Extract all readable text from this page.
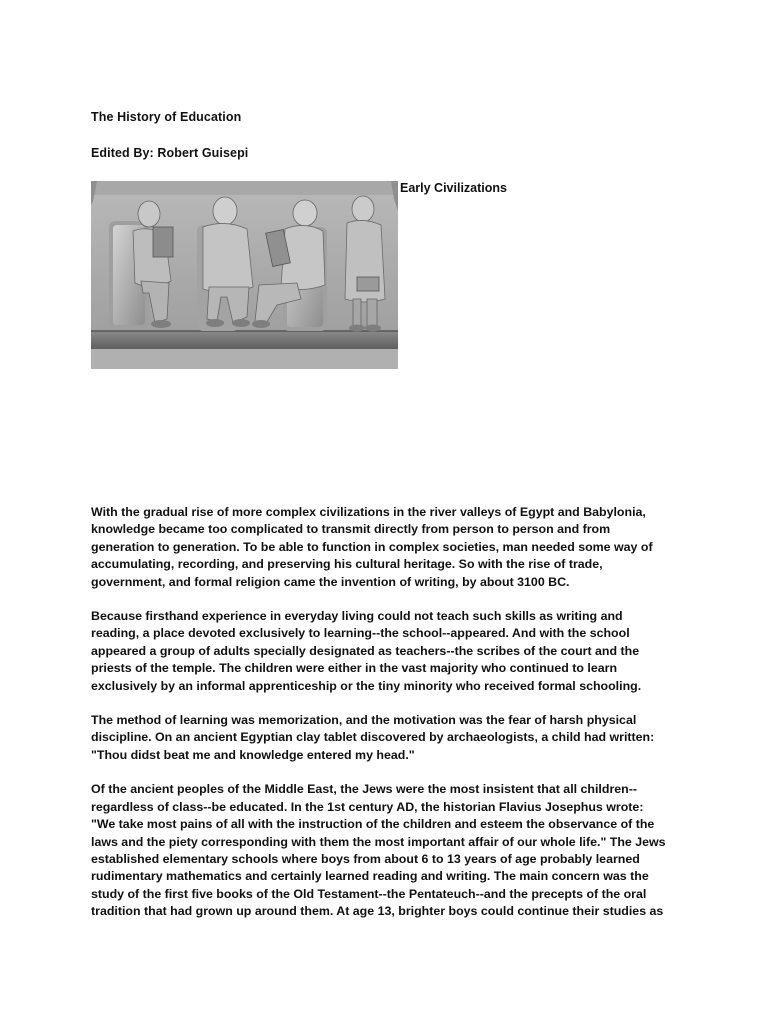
The History of Education
Edited By: Robert Guisepi
Early Civilizations

With the gradual rise of more complex civilizations in the river valleys of Egypt and Babylonia,
knowledge became too complicated to transmit directly from person to person and from
generation to generation. To be able to function in complex societies, man needed some way of
accumulating, recording, and preserving his cultural heritage. So with the rise of trade,
government, and formal religion came the invention of writing, by about 3100 BC.

Because firsthand experience in everyday living could not teach such skills as writing and
reading, a place devoted exclusively to learning--the school--appeared. And with the school
appeared a group of adults specially designated as teachers--the scribes of the court and the
priests of the temple. The children were either in the vast majority who continued to learn
exclusively by an informal apprenticeship or the tiny minority who received formal schooling.

The method of learning was memorization, and the motivation was the fear of harsh physical
discipline. On an ancient Egyptian clay tablet discovered by archaeologists, a child had written:
"Thou didst beat me and knowledge entered my head."

Of the ancient peoples of the Middle East, the Jews were the most insistent that all children--
regardless of class--be educated. In the 1st century AD, the historian Flavius Josephus wrote:
"We take most pains of all with the instruction of the children and esteem the observance of the
laws and the piety corresponding with them the most important affair of our whole life." The Jews
established elementary schools where boys from about 6 to 13 years of age probably learned
rudimentary mathematics and certainly learned reading and writing. The main concern was the
study of the first five books of the Old Testament--the Pentateuch--and the precepts of the oral
tradition that had grown up around them. At age 13, brighter boys could continue their studies as
